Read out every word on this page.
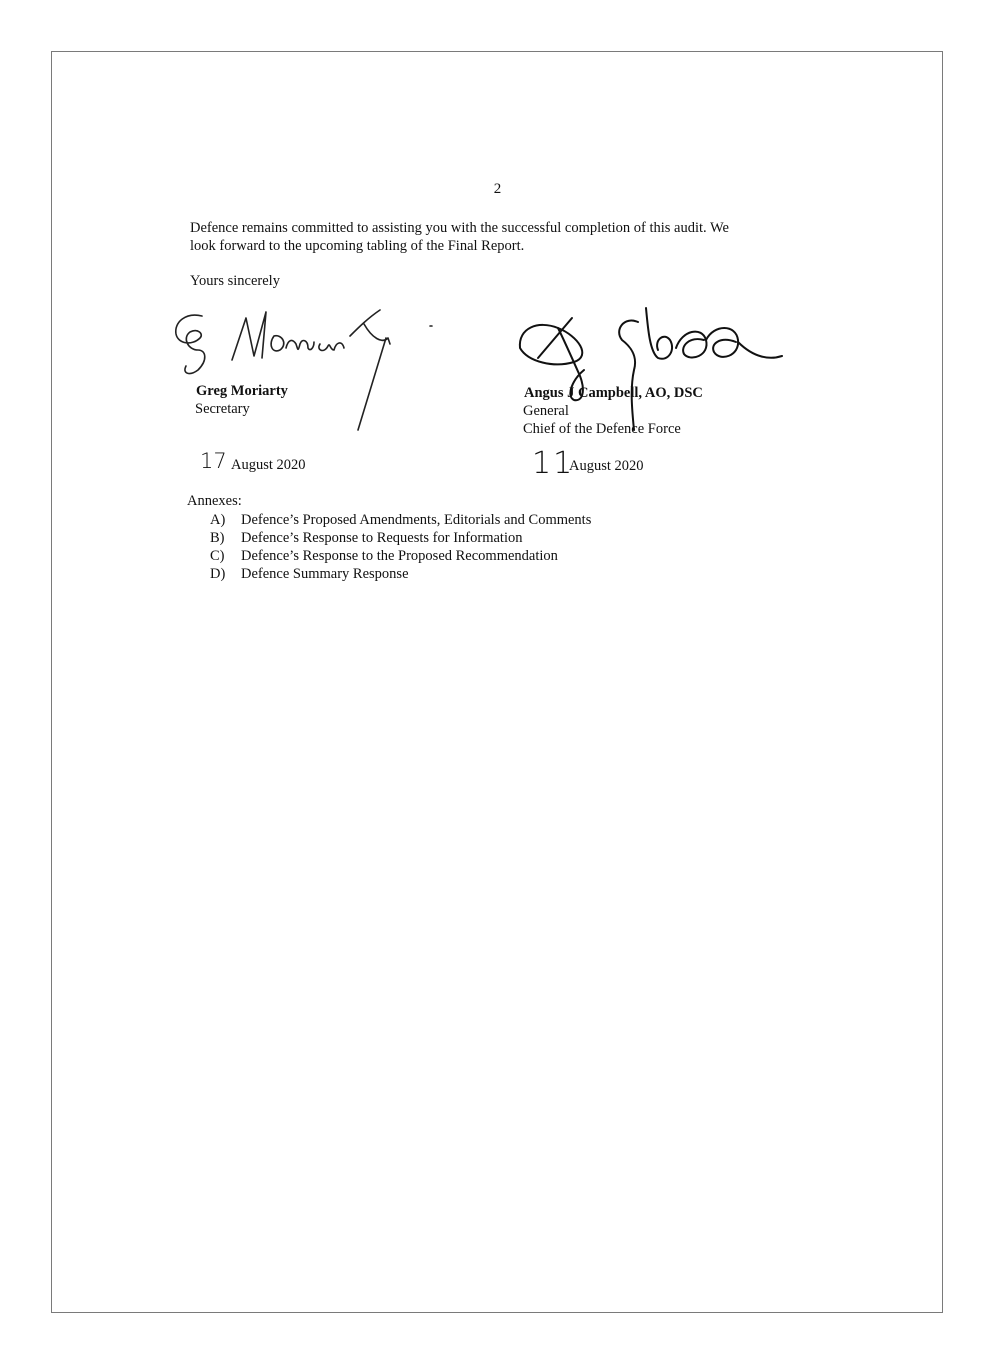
2
Defence remains committed to assisting you with the successful completion of this audit. We
look forward to the upcoming tabling of the Final Report.
Yours sincerely
Greg Moriarty
Secretary
Angus J Campbell, AO, DSC
General
Chief of the Defence Force
17 August 2020	11
August 2020
Annexes:
A) Defence’s Proposed Amendments, Editorials and Comments
B) Defence’s Response to Requests for Information
C) Defence’s Response to the Proposed Recommendation
D) Defence Summary Response
